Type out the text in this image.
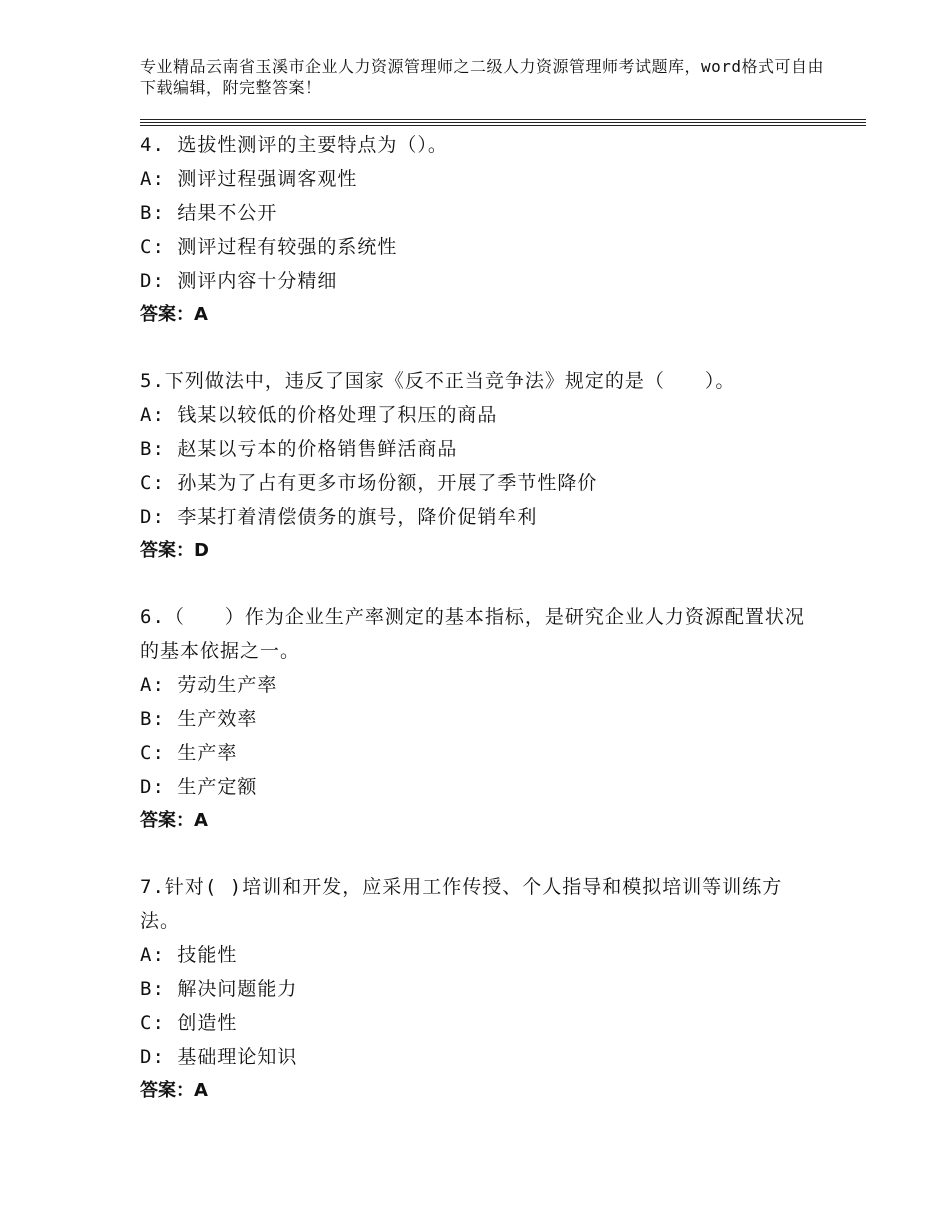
专业精品云南省玉溪市企业人力资源管理师之二级人力资源管理师考试题库，word格式可自由下载编辑，附完整答案！
4. 选拔性测评的主要特点为（）。
A: 测评过程强调客观性
B: 结果不公开
C: 测评过程有较强的系统性
D: 测评内容十分精细
答案：A
5.下列做法中，违反了国家《反不正当竞争法》规定的是（　　）。
A: 钱某以较低的价格处理了积压的商品
B: 赵某以亏本的价格销售鲜活商品
C: 孙某为了占有更多市场份额，开展了季节性降价
D: 李某打着清偿债务的旗号，降价促销牟利
答案：D
6.（　　）作为企业生产率测定的基本指标，是研究企业人力资源配置状况的基本依据之一。
A: 劳动生产率
B: 生产效率
C: 生产率
D: 生产定额
答案：A
7.针对( )培训和开发，应采用工作传授、个人指导和模拟培训等训练方法。
A: 技能性
B: 解决问题能力
C: 创造性
D: 基础理论知识
答案：A
